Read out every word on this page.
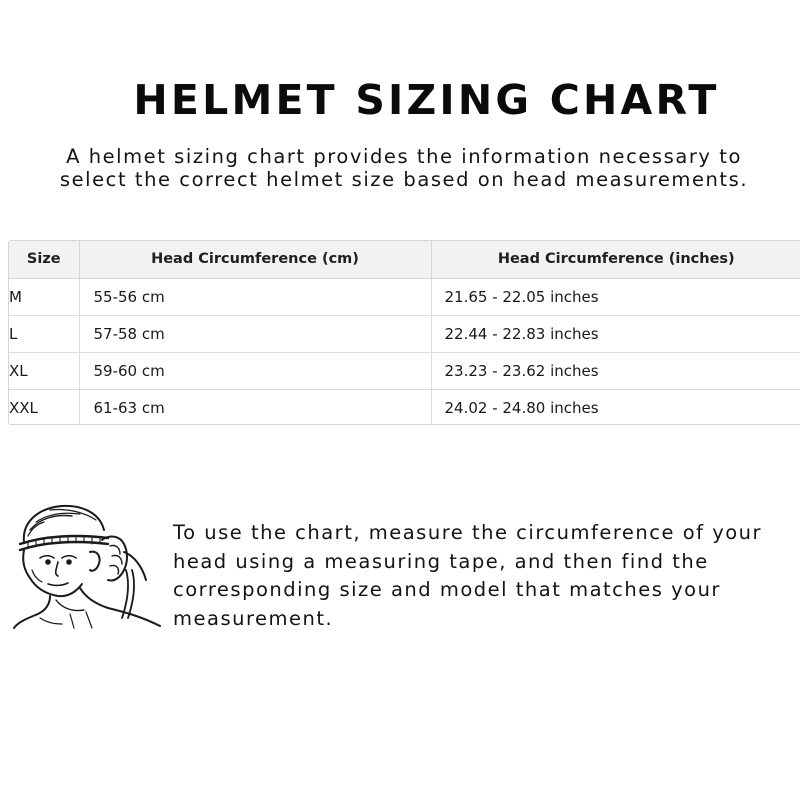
HELMET SIZING CHART
A helmet sizing chart provides the information necessary to
select the correct helmet size based on head measurements.
Size	Head Circumference (cm)	Head Circumference (inches)
M	55-56 cm	21.65 - 22.05 inches
L	57-58 cm	22.44 - 22.83 inches
XL	59-60 cm	23.23 - 23.62 inches
XXL	61-63 cm	24.02 - 24.80 inches
To use the chart, measure the circumference of your
head using a measuring tape, and then find the
corresponding size and model that matches your
measurement.
